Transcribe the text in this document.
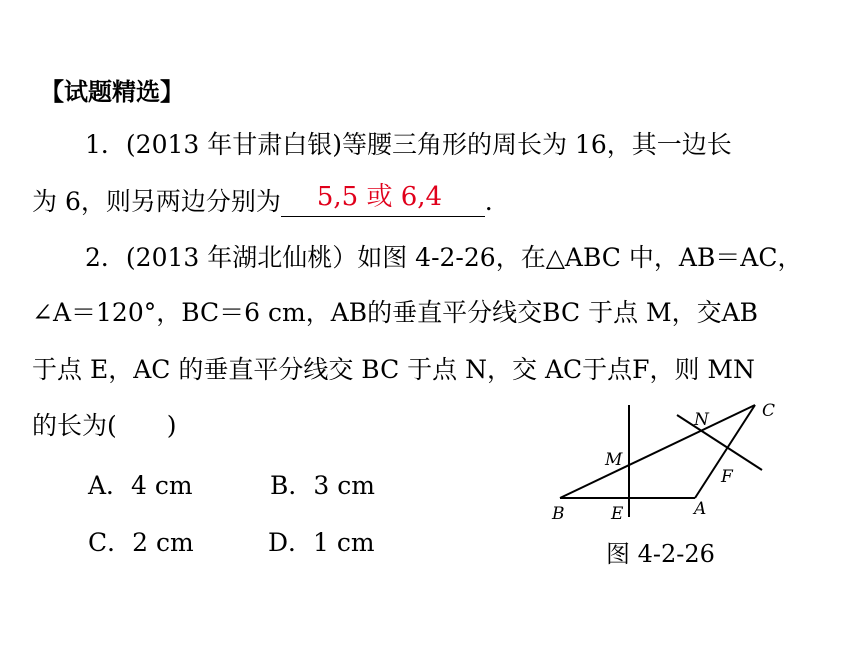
【试题精选】
1．(2013 年甘肃白银)等腰三角形的周长为 16，其一边长
为 6，则另两边分别为 5,5 或 6,4 ．
2．(2013 年湖北仙桃）如图 4-2-26，在△ABC 中，AB＝AC，
∠A＝120°，BC＝6 cm，AB的垂直平分线交BC 于点 M，交AB
于点 E，AC 的垂直平分线交 BC 于点 N，交 AC于点F，则 MN
的长为(　　)
A．4 cm	B．3 cm
C．2 cm	D．1 cm
B	E	A
M
N
F
C
图 4-2-26
